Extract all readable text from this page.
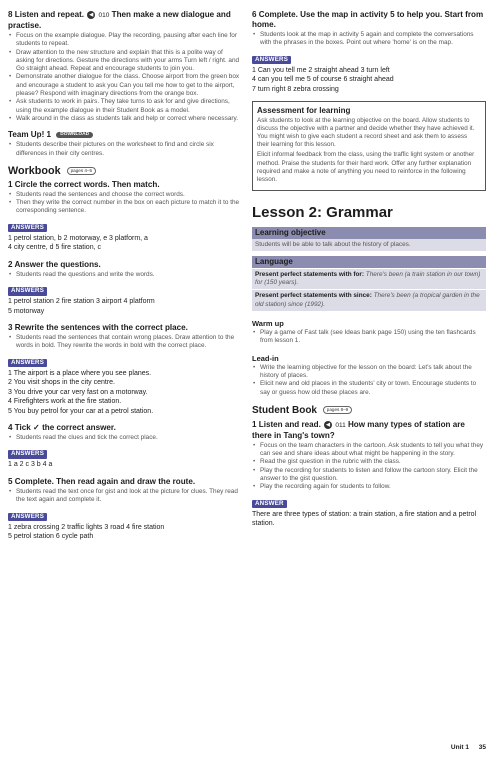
8 Listen and repeat. ◀ 010 Then make a new dialogue and practise.

• Focus on the example dialogue. Play the recording, pausing after each line for students to repeat.
• Draw attention to the new structure and explain that this is a polite way of asking for directions. Gesture the directions with your arms Turn left / right. and Go straight ahead. Repeat and encourage students to join you.
• Demonstrate another dialogue for the class. Choose airport from the green box and encourage a student to ask you Can you tell me how to get to the airport, please? Respond with imaginary directions from the orange box.
• Ask students to work in pairs. They take turns to ask for and give directions, using the example dialogue in their Student Book as a model.
• Walk around in the class as students talk and help or correct where necessary.

Team Up! 1 DOWNLOAD

• Students describe their pictures on the worksheet to find and circle six differences in their city centres.
Workbook pages 4–5

1 Circle the correct words. Then match.

• Students read the sentences and choose the correct words.
• Then they write the correct number in the box on each picture to match it to the corresponding sentence.
ANSWERS
1 petrol station, b 2 motorway, e 3 platform, a
4 city centre, d 5 fire station, c

2 Answer the questions.

• Students read the questions and write the words.
ANSWERS
1 petrol station 2 fire station 3 airport 4 platform
5 motorway

3 Rewrite the sentences with the correct place.

• Students read the sentences that contain wrong places. Draw attention to the words in bold. They rewrite the words in bold with the correct place.
ANSWERS
1 The airport is a place where you see planes.
2 You visit shops in the city centre.
3 You drive your car very fast on a motorway.
4 Firefighters work at the fire station.
5 You buy petrol for your car at a petrol station.

4 Tick ✓ the correct answer.

• Students read the clues and tick the correct place.
ANSWERS
1 a 2 c 3 b 4 a

5 Complete. Then read again and draw the route.

• Students read the text once for gist and look at the picture for clues. They read the text again and complete it.
ANSWERS
1 zebra crossing 2 traffic lights 3 road 4 fire station
5 petrol station 6 cycle path

6 Complete. Use the map in activity 5 to help you. Start from home.

• Students look at the map in activity 5 again and complete the conversations with the phrases in the boxes. Point out where 'home' is on the map.
ANSWERS
1 Can you tell me 2 straight ahead 3 turn left
4 can you tell me 5 of course 6 straight ahead
7 turn right 8 zebra crossing
Assessment for learning

Ask students to look at the learning objective on the board. Allow students to discuss the objective with a partner and decide whether they have achieved it. You might wish to give each student a record sheet and ask them to assess their learning for this lesson.

Elicit informal feedback from the class, using the traffic light system or another method. Praise the students for their hard work. Offer any further explanation required and make a note of anything you need to reinforce in the following lesson.

Lesson 2: Grammar
Learning objective
Students will be able to talk about the history of places.
Language
Present perfect statements with for: There's been (a train station in our town) for (150 years).
Present perfect statements with since: There's been (a tropical garden in the old station) since (1992).
Warm up
• Play a game of Fast talk (see Ideas bank page 150) using the ten flashcards from lesson 1.
Lead-in
• Write the learning objective for the lesson on the board: Let's talk about the history of places.
• Elicit new and old places in the students' city or town. Encourage students to say or guess how old these places are.
Student Book pages 8–9

1 Listen and read. ◀ 011 How many types of station are there in Tang's town?

• Focus on the team characters in the cartoon. Ask students to tell you what they can see and share ideas about what might be happening in the story.
• Read the gist question in the rubric with the class.
• Play the recording for students to listen and follow the cartoon story. Elicit the answer to the gist question.
• Play the recording again for students to follow.
ANSWER
There are three types of station: a train station, a fire station and a petrol station.
Unit 1 35
